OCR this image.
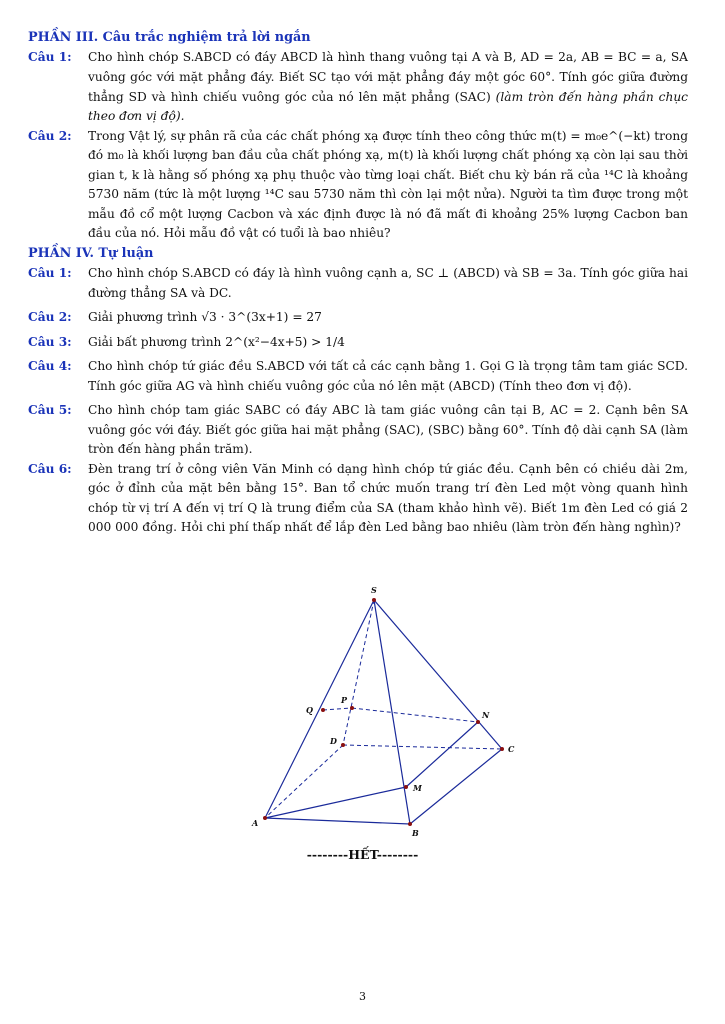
PHẦN III. Câu trắc nghiệm trả lời ngắn

Câu 1:	Cho hình chóp S.ABCD có đáy ABCD là hình thang vuông tại A và B, AD = 2a, AB = BC = a, SA vuông góc với mặt phẳng đáy. Biết SC tạo với mặt phẳng đáy một góc 60°. Tính góc giữa đường thẳng SD và hình chiếu vuông góc của nó lên mặt phẳng (SAC) (làm tròn đến hàng phần chục theo đơn vị độ).
Câu 2:	Trong Vật lý, sự phân rã của các chất phóng xạ được tính theo công thức m(t) = m₀e^(−kt) trong đó m₀ là khối lượng ban đầu của chất phóng xạ, m(t) là khối lượng chất phóng xạ còn lại sau thời gian t, k là hằng số phóng xạ phụ thuộc vào từng loại chất. Biết chu kỳ bán rã của ¹⁴C là khoảng 5730 năm (tức là một lượng ¹⁴C sau 5730 năm thì còn lại một nửa). Người ta tìm được trong một mẫu đồ cổ một lượng Cacbon và xác định được là nó đã mất đi khoảng 25% lượng Cacbon ban đầu của nó. Hỏi mẫu đồ vật có tuổi là bao nhiêu?

PHẦN IV. Tự luận

Câu 1:	Cho hình chóp S.ABCD có đáy là hình vuông cạnh a, SC ⊥ (ABCD) và SB = 3a. Tính góc giữa hai đường thẳng SA và DC.
Câu 2:	Giải phương trình √3 · 3^(3x+1) = 27
Câu 3:	Giải bất phương trình 2^(x²−4x+5) > 1/4
Câu 4:	Cho hình chóp tứ giác đều S.ABCD với tất cả các cạnh bằng 1. Gọi G là trọng tâm tam giác SCD. Tính góc giữa AG và hình chiếu vuông góc của nó lên mặt (ABCD) (Tính theo đơn vị độ).
Câu 5:	Cho hình chóp tam giác SABC có đáy ABC là tam giác vuông cân tại B, AC = 2. Cạnh bên SA vuông góc với đáy. Biết góc giữa hai mặt phẳng (SAC), (SBC) bằng 60°. Tính độ dài cạnh SA (làm tròn đến hàng phần trăm).
Câu 6:	Đèn trang trí ở công viên Văn Minh có dạng hình chóp tứ giác đều. Cạnh bên có chiều dài 2m, góc ở đỉnh của mặt bên bằng 15°. Ban tổ chức muốn trang trí đèn Led một vòng quanh hình chóp từ vị trí A đến vị trí Q là trung điểm của SA (tham khảo hình vẽ). Biết 1m đèn Led có giá 2 000 000 đồng. Hỏi chi phí thấp nhất để lắp đèn Led bằng bao nhiêu (làm tròn đến hàng nghìn)?
S
P
Q	N
D
C
M
A
B
--------HẾT--------
3
